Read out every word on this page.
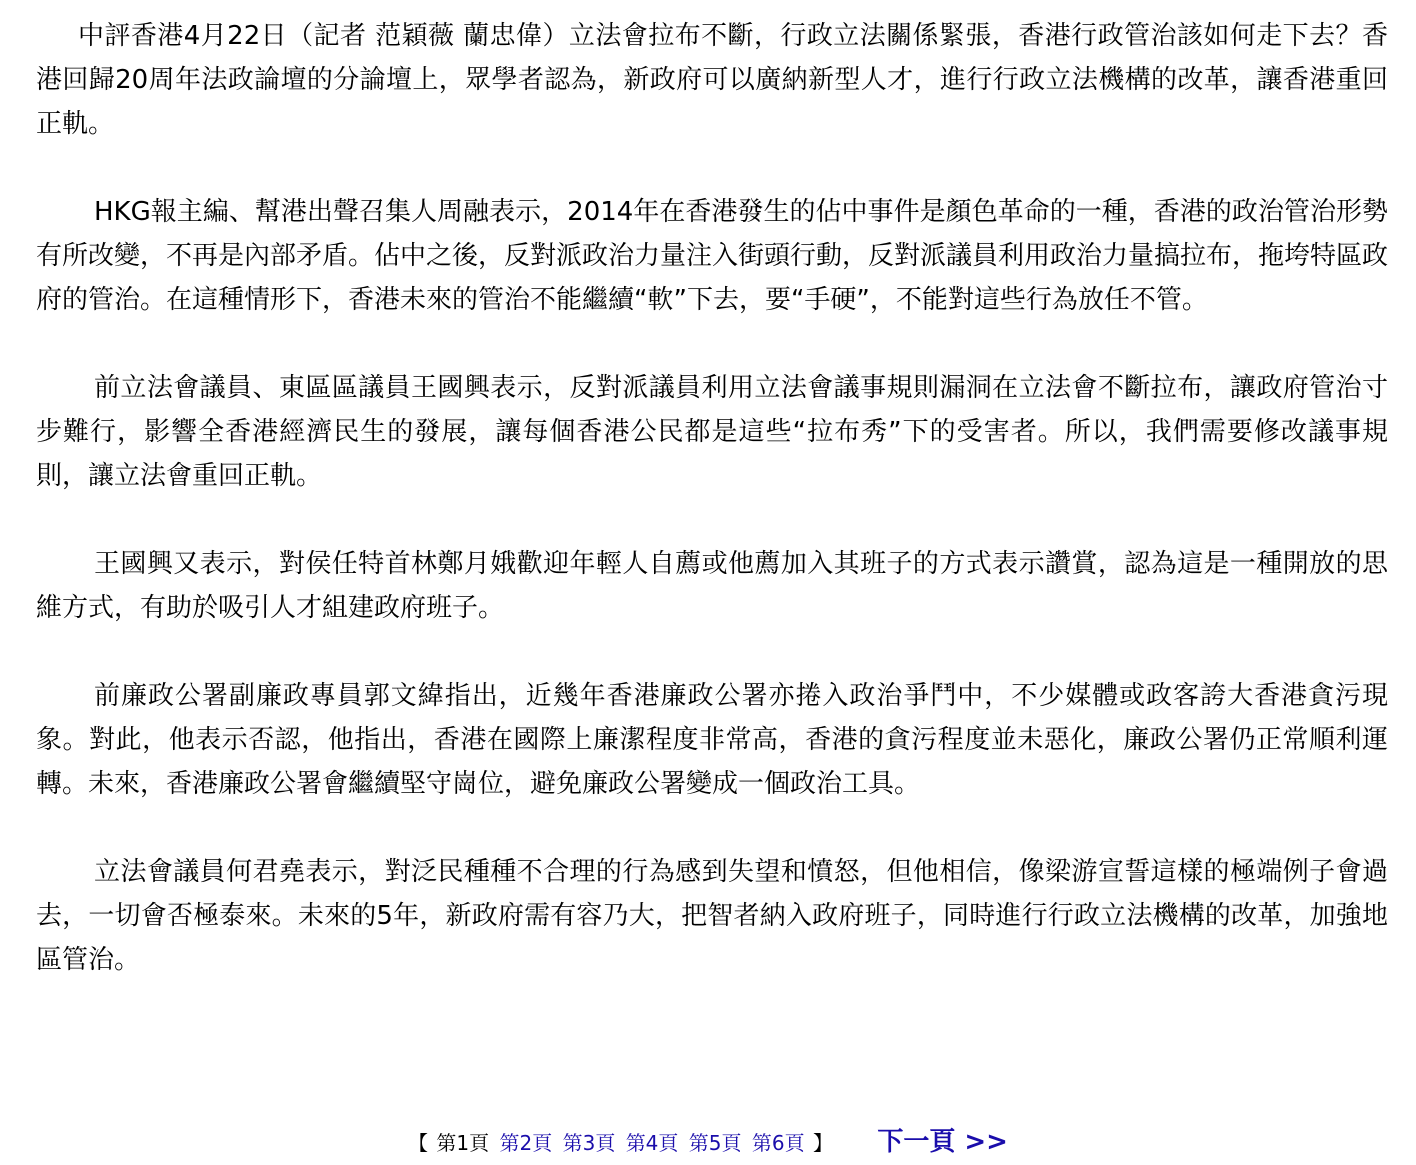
中評香港4月22日（記者 范穎薇 蘭忠偉）立法會拉布不斷，行政立法關係緊張，香港行政管治該如何走下去？香港回歸20周年法政論壇的分論壇上，眾學者認為，新政府可以廣納新型人才，進行行政立法機構的改革，讓香港重回正軌。

HKG報主編、幫港出聲召集人周融表示，2014年在香港發生的佔中事件是顏色革命的一種，香港的政治管治形勢有所改變，不再是內部矛盾。佔中之後，反對派政治力量注入街頭行動，反對派議員利用政治力量搞拉布，拖垮特區政府的管治。在這種情形下，香港未來的管治不能繼續“軟”下去，要“手硬”，不能對這些行為放任不管。

前立法會議員、東區區議員王國興表示，反對派議員利用立法會議事規則漏洞在立法會不斷拉布，讓政府管治寸步難行，影響全香港經濟民生的發展，讓每個香港公民都是這些“拉布秀”下的受害者。所以，我們需要修改議事規則，讓立法會重回正軌。

王國興又表示，對侯任特首林鄭月娥歡迎年輕人自薦或他薦加入其班子的方式表示讚賞，認為這是一種開放的思維方式，有助於吸引人才組建政府班子。

前廉政公署副廉政專員郭文緯指出，近幾年香港廉政公署亦捲入政治爭鬥中，不少媒體或政客誇大香港貪污現象。對此，他表示否認，他指出，香港在國際上廉潔程度非常高，香港的貪污程度並未惡化，廉政公署仍正常順利運轉。未來，香港廉政公署會繼續堅守崗位，避免廉政公署變成一個政治工具。

立法會議員何君堯表示，對泛民種種不合理的行為感到失望和憤怒，但他相信，像梁游宣誓這樣的極端例子會過去，一切會否極泰來。未來的5年，新政府需有容乃大，把智者納入政府班子，同時進行行政立法機構的改革，加強地區管治。

【 第1頁 第2頁 第3頁 第4頁 第5頁 第6頁 】 下一頁 >>
